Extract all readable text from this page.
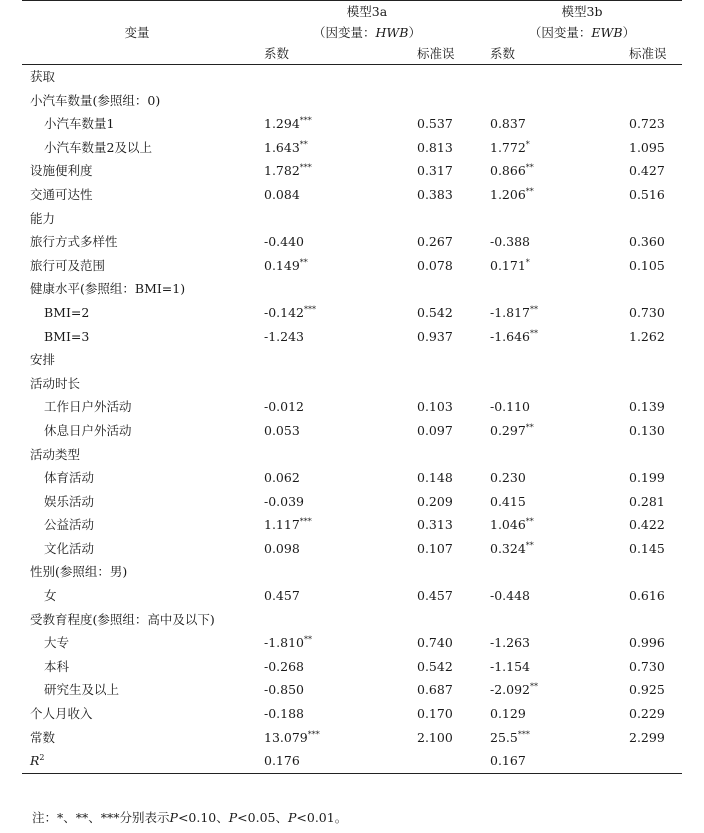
	模型3a		模型3b	
变量	（因变量：HWB）		（因变量：EWB）	
	系数	标准误	系数	标准误
获取				
小汽车数量(参照组：0)				
小汽车数量1	1.294***	0.537	0.837	0.723
小汽车数量2及以上	1.643**	0.813	1.772*	1.095
设施便利度	1.782***	0.317	0.866**	0.427
交通可达性	0.084	0.383	1.206**	0.516
能力				
旅行方式多样性	-0.440	0.267	-0.388	0.360
旅行可及范围	0.149**	0.078	0.171*	0.105
健康水平(参照组：BMI=1)				
BMI=2	-0.142***	0.542	-1.817**	0.730
BMI=3	-1.243	0.937	-1.646**	1.262
安排				
活动时长				
工作日户外活动	-0.012	0.103	-0.110	0.139
休息日户外活动	0.053	0.097	0.297**	0.130
活动类型				
体育活动	0.062	0.148	0.230	0.199
娱乐活动	-0.039	0.209	0.415	0.281
公益活动	1.117***	0.313	1.046**	0.422
文化活动	0.098	0.107	0.324**	0.145
性别(参照组：男)				
女	0.457	0.457	-0.448	0.616
受教育程度(参照组：高中及以下)				
大专	-1.810**	0.740	-1.263	0.996
本科	-0.268	0.542	-1.154	0.730
研究生及以上	-0.850	0.687	-2.092**	0.925
个人月收入	-0.188	0.170	0.129	0.229
常数	13.079***	2.100	25.5***	2.299
$R^2$	0.176		0.167	
注：*、**、***分别表示P<0.10、P<0.05、P<0.01。
